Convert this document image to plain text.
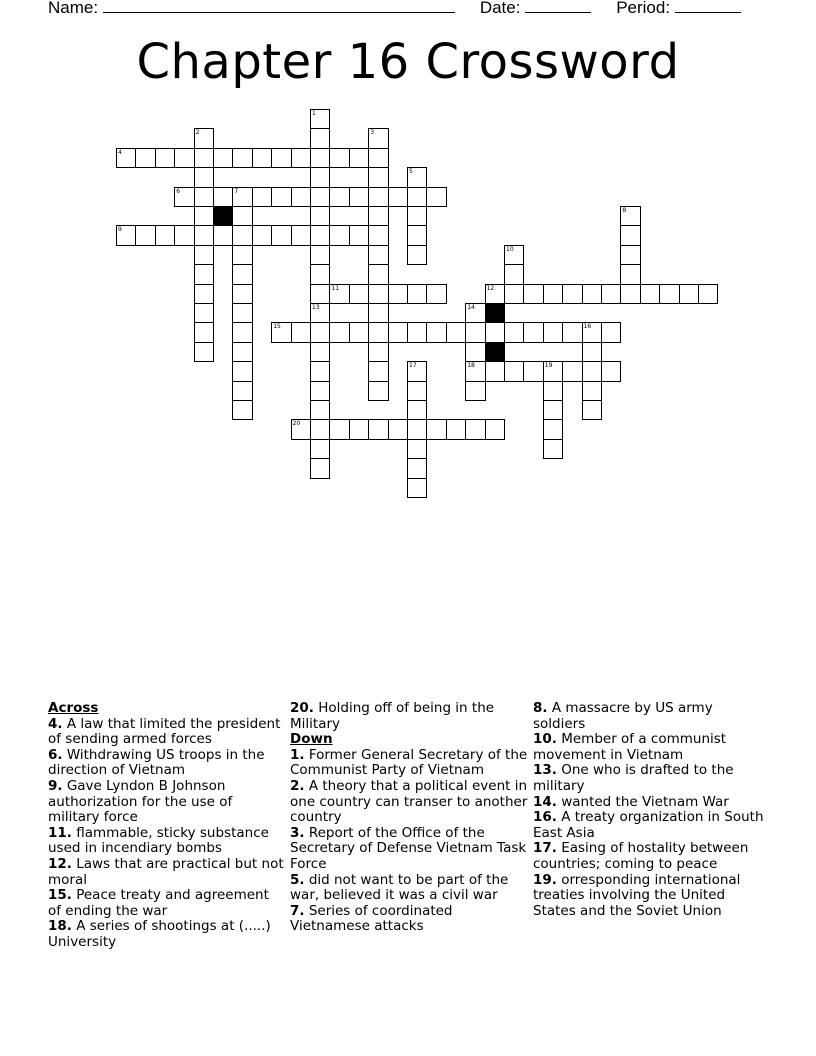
Name:	Date:	Period:
Chapter 16 Crossword
4
6	7
9
11	12
15	16
18	19
20
1
13
2	3
5
8
10
14
17
Across
4. A law that limited the president of sending armed forces
6. Withdrawing US troops in the direction of Vietnam
9. Gave Lyndon B Johnson authorization for the use of military force
11. flammable, sticky substance used in incendiary bombs
12. Laws that are practical but not moral
15. Peace treaty and agreement of ending the war
18. A series of shootings at (.....) University
20. Holding off of being in the Military
Down
1. Former General Secretary of the Communist Party of Vietnam
2. A theory that a political event in one country can transer to another country
3. Report of the Office of the Secretary of Defense Vietnam Task Force
5. did not want to be part of the war, believed it was a civil war
7. Series of coordinated Vietnamese attacks
8. A massacre by US army soldiers
10. Member of a communist movement in Vietnam
13. One who is drafted to the military
14. wanted the Vietnam War
16. A treaty organization in South East Asia
17. Easing of hostality between countries; coming to peace
19. orresponding international treaties involving the United States and the Soviet Union
